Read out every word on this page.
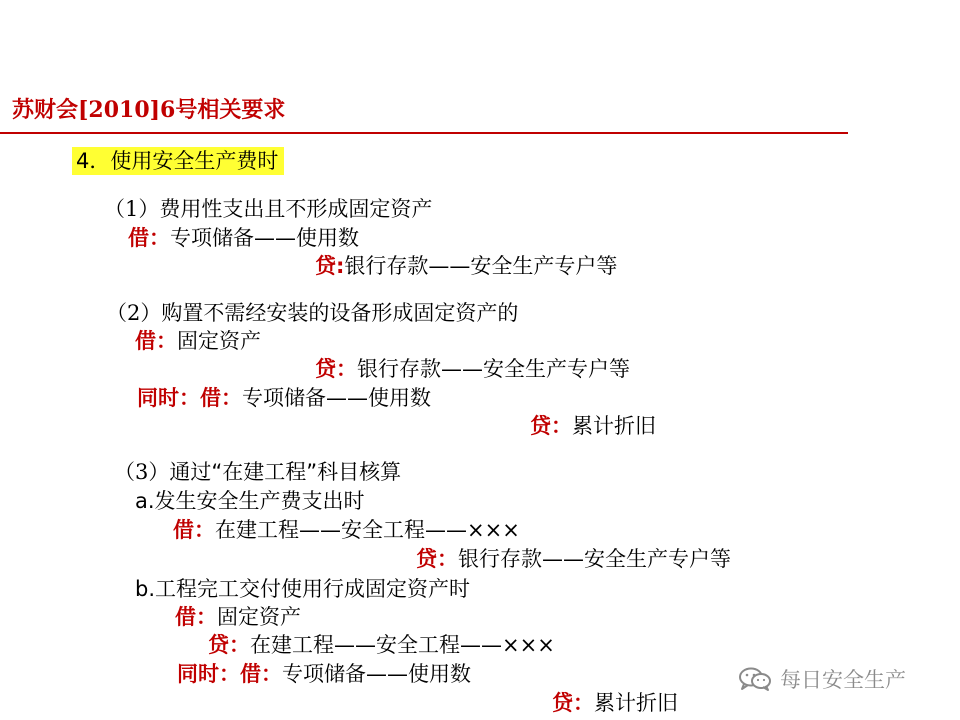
苏财会[2010]6号相关要求
4．使用安全生产费时
（1）费用性支出且不形成固定资产
借：专项储备——使用数
贷:银行存款——安全生产专户等
（2）购置不需经安装的设备形成固定资产的
借：固定资产
贷：银行存款——安全生产专户等
同时：借：专项储备——使用数
贷：累计折旧
（3）通过“在建工程”科目核算
a.发生安全生产费支出时
借：在建工程——安全工程——×××
贷：银行存款——安全生产专户等
b.工程完工交付使用行成固定资产时
借：固定资产
贷：在建工程——安全工程——×××
同时：借：专项储备——使用数
贷：累计折旧
每日安全生产
